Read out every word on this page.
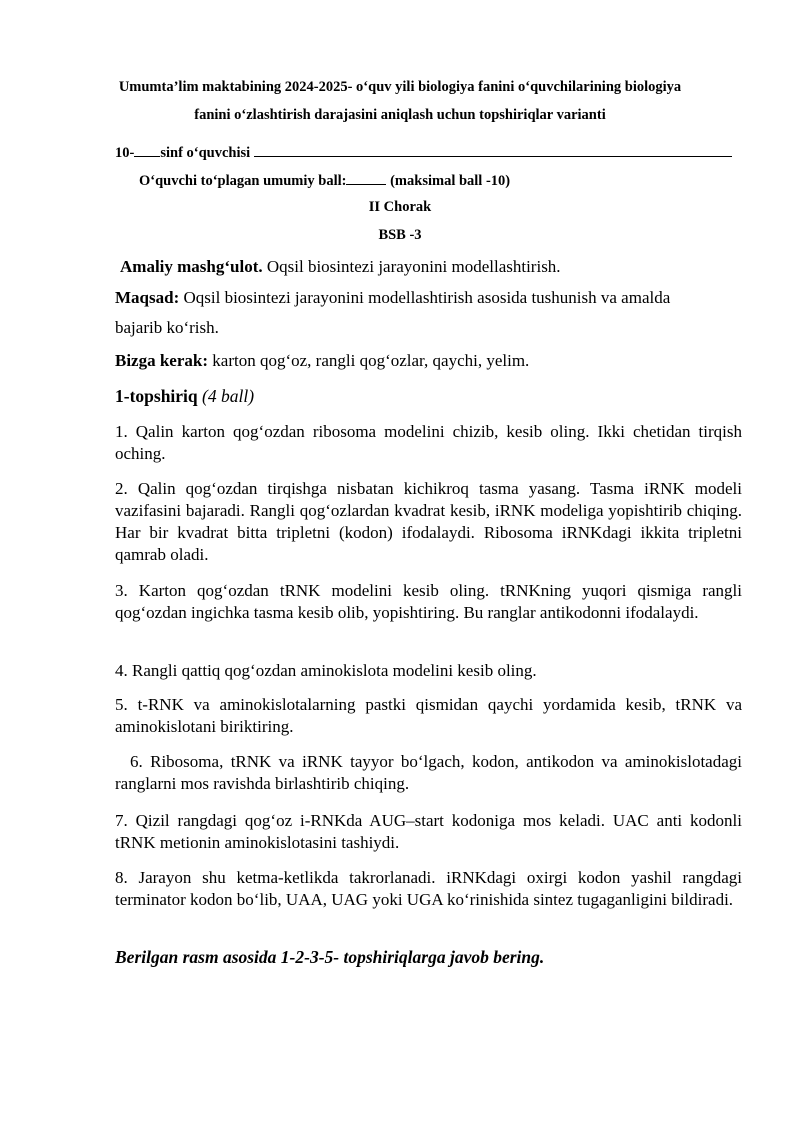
Umumta’lim maktabining 2024-2025- o‘quv yili biologiya fanini o‘quvchilarining biologiya
fanini o‘zlashtirish darajasini aniqlash uchun topshiriqlar varianti
10- sinf o‘quvchisi
O‘quvchi to‘plagan umumiy ball:	(maksimal ball -10)
II Chorak
BSB -3
Amaliy mashg‘ulot. Oqsil biosintezi jarayonini modellashtirish.
Maqsad: Oqsil biosintezi jarayonini modellashtirish asosida tushunish va amalda
bajarib ko‘rish.
Bizga kerak: karton qog‘oz, rangli qog‘ozlar, qaychi, yelim.
1-topshiriq (4 ball)
1. Qalin karton qog‘ozdan ribosoma modelini chizib, kesib oling. Ikki chetidan tirqish oching.
2. Qalin qog‘ozdan tirqishga nisbatan kichikroq tasma yasang. Tasma iRNK modeli vazifasini bajaradi. Rangli qog‘ozlardan kvadrat kesib, iRNK modeliga yopishtirib chiqing. Har bir kvadrat bitta tripletni (kodon) ifodalaydi. Ribosoma iRNKdagi ikkita tripletni qamrab oladi.
3. Karton qog‘ozdan tRNK modelini kesib oling. tRNKning yuqori qismiga rangli qog‘ozdan ingichka tasma kesib olib, yopishtiring. Bu ranglar antikodonni ifodalaydi.
4. Rangli qattiq qog‘ozdan aminokislota modelini kesib oling.
5. t-RNK va aminokislotalarning pastki qismidan qaychi yordamida kesib, tRNK va aminokislotani biriktiring.
6. Ribosoma, tRNK va iRNK tayyor bo‘lgach, kodon, antikodon va aminokislotadagi ranglarni mos ravishda birlashtirib chiqing.
7. Qizil rangdagi qog‘oz i-RNKda AUG–start kodoniga mos keladi. UAC anti kodonli tRNK metionin aminokislotasini tashiydi.
8. Jarayon shu ketma-ketlikda takrorlanadi. iRNKdagi oxirgi kodon yashil rangdagi terminator kodon bo‘lib, UAA, UAG yoki UGA ko‘rinishida sintez tugaganligini bildiradi.
Berilgan rasm asosida 1-2-3-5- topshiriqlarga javob bering.
